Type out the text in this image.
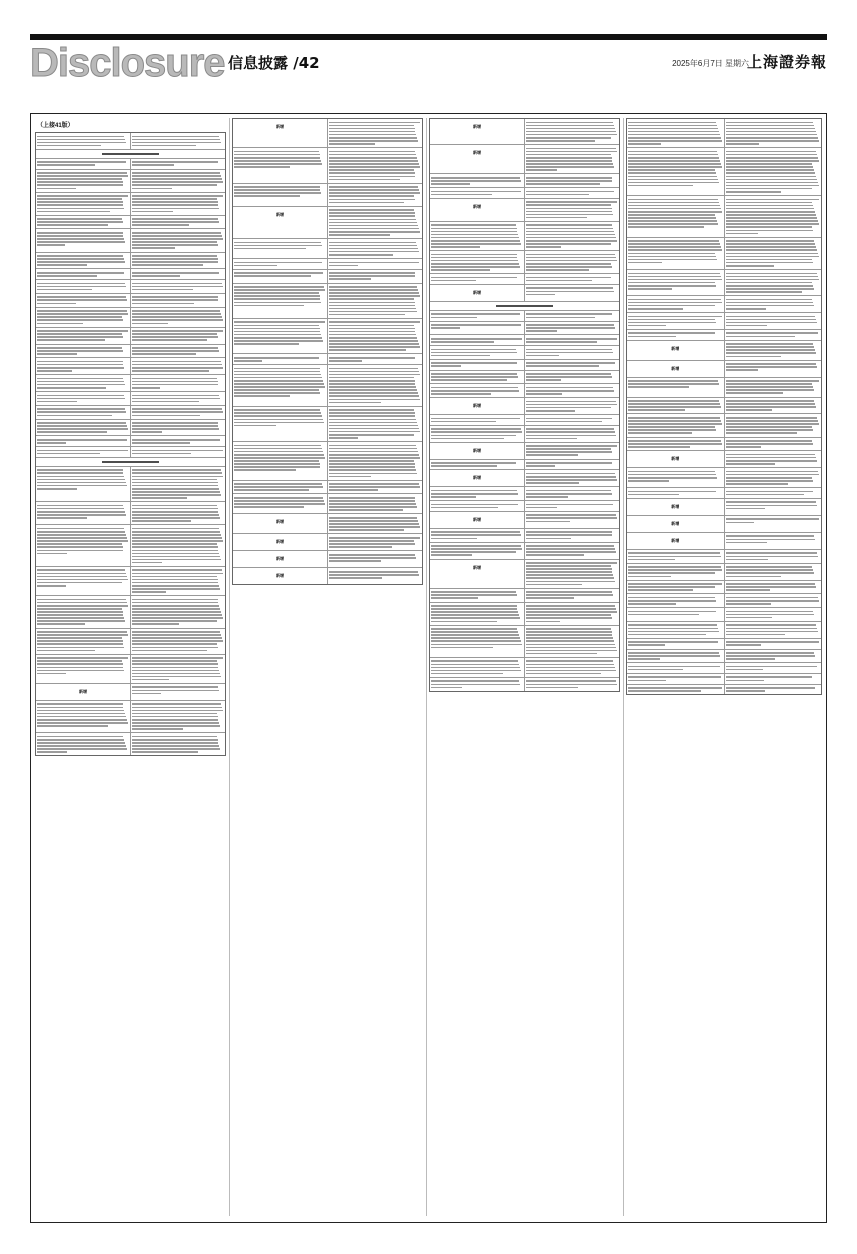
Disclosure 信息披露 /42	2025年6月7日 星期六
上海證券報
（上接41版）
新增
新增
新增
新增
新增
新增
新增
新增
新增
新增
新增
新增
新增
新增
新增
新增
新增
新增
新增
新增
新增
新增
